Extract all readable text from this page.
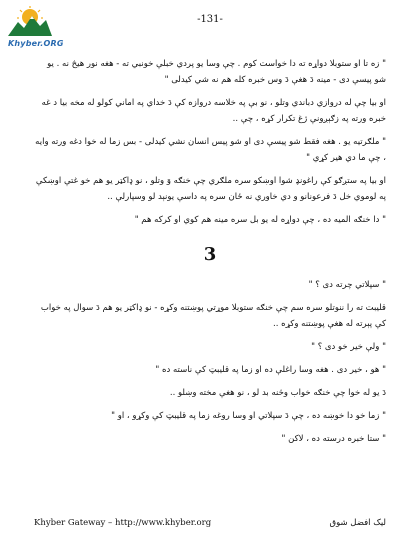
Khyber.ORG
-131-

" زه تا او ستوبلا دواړه ته دا خواست کوم . چې وسا یو پردي خبلې خونبي ته - هغه نور هیڅ نه . یو شو پیسې دی - مینه دَ هغې دَ وس خبره کله هم نه شي کیدلی "

او بیا چې له دروازي دباندي وتلو ، نو بې په خلاسه دروازه کې دَ خداي په اماني کولو له مخه بیا د غه خبره ورته په زګېږونې ژغ تکرار کړه ، چې ..

" ملګرتیه یو . هغه فقط شو پیسې دی او شو پیس انسان نشي کیدلی - بس زما له خوا دغه ورته وایه ، چې ما دي هیر کړي "

او بیا په ستږګو کې راغونډ شوا اوښکو سره ملګري چې خنګه وَ وتلو ، نو ډاکټر یو هم خو غتې اوښکې په لوموي خل دَ فرعونانو و دي خاوري نه ځان سره په داسې یونېد لو وسپارلې ..

" دا خنګه المیه ده ، چې دواړه له یو بل سره مینه هم کوي او کرکه هم "

3

" سپلاتي چرته دی ؟ "

قلیبت ته را ننوتلو سره سم چې خنګه ستوبلا موړتي پوښتنه وکړه - نو ډاکټر یو هم دَ سوال په خواب کې پېرته له هغې پوښتنه وکړه ..

" ولې خیر خو دی ؟ "

" هو ، خیر دی . هغه وسا راغلې ده او زما په قلیبټ کې ناسته ده "

دَ یو له خوا چې خنګه خواب وڅنه بد لو ، نو هغې مخته وښلو ..

" زما خو دا خوښه ده ، چې دَ سپلاتي او وسا روغه زما په قلیبټ کې وکړو ، او "

" ستا خبره درسته ده ، لاکن "

Khyber Gateway – http://www.khyber.org	لیک افضل شوق
